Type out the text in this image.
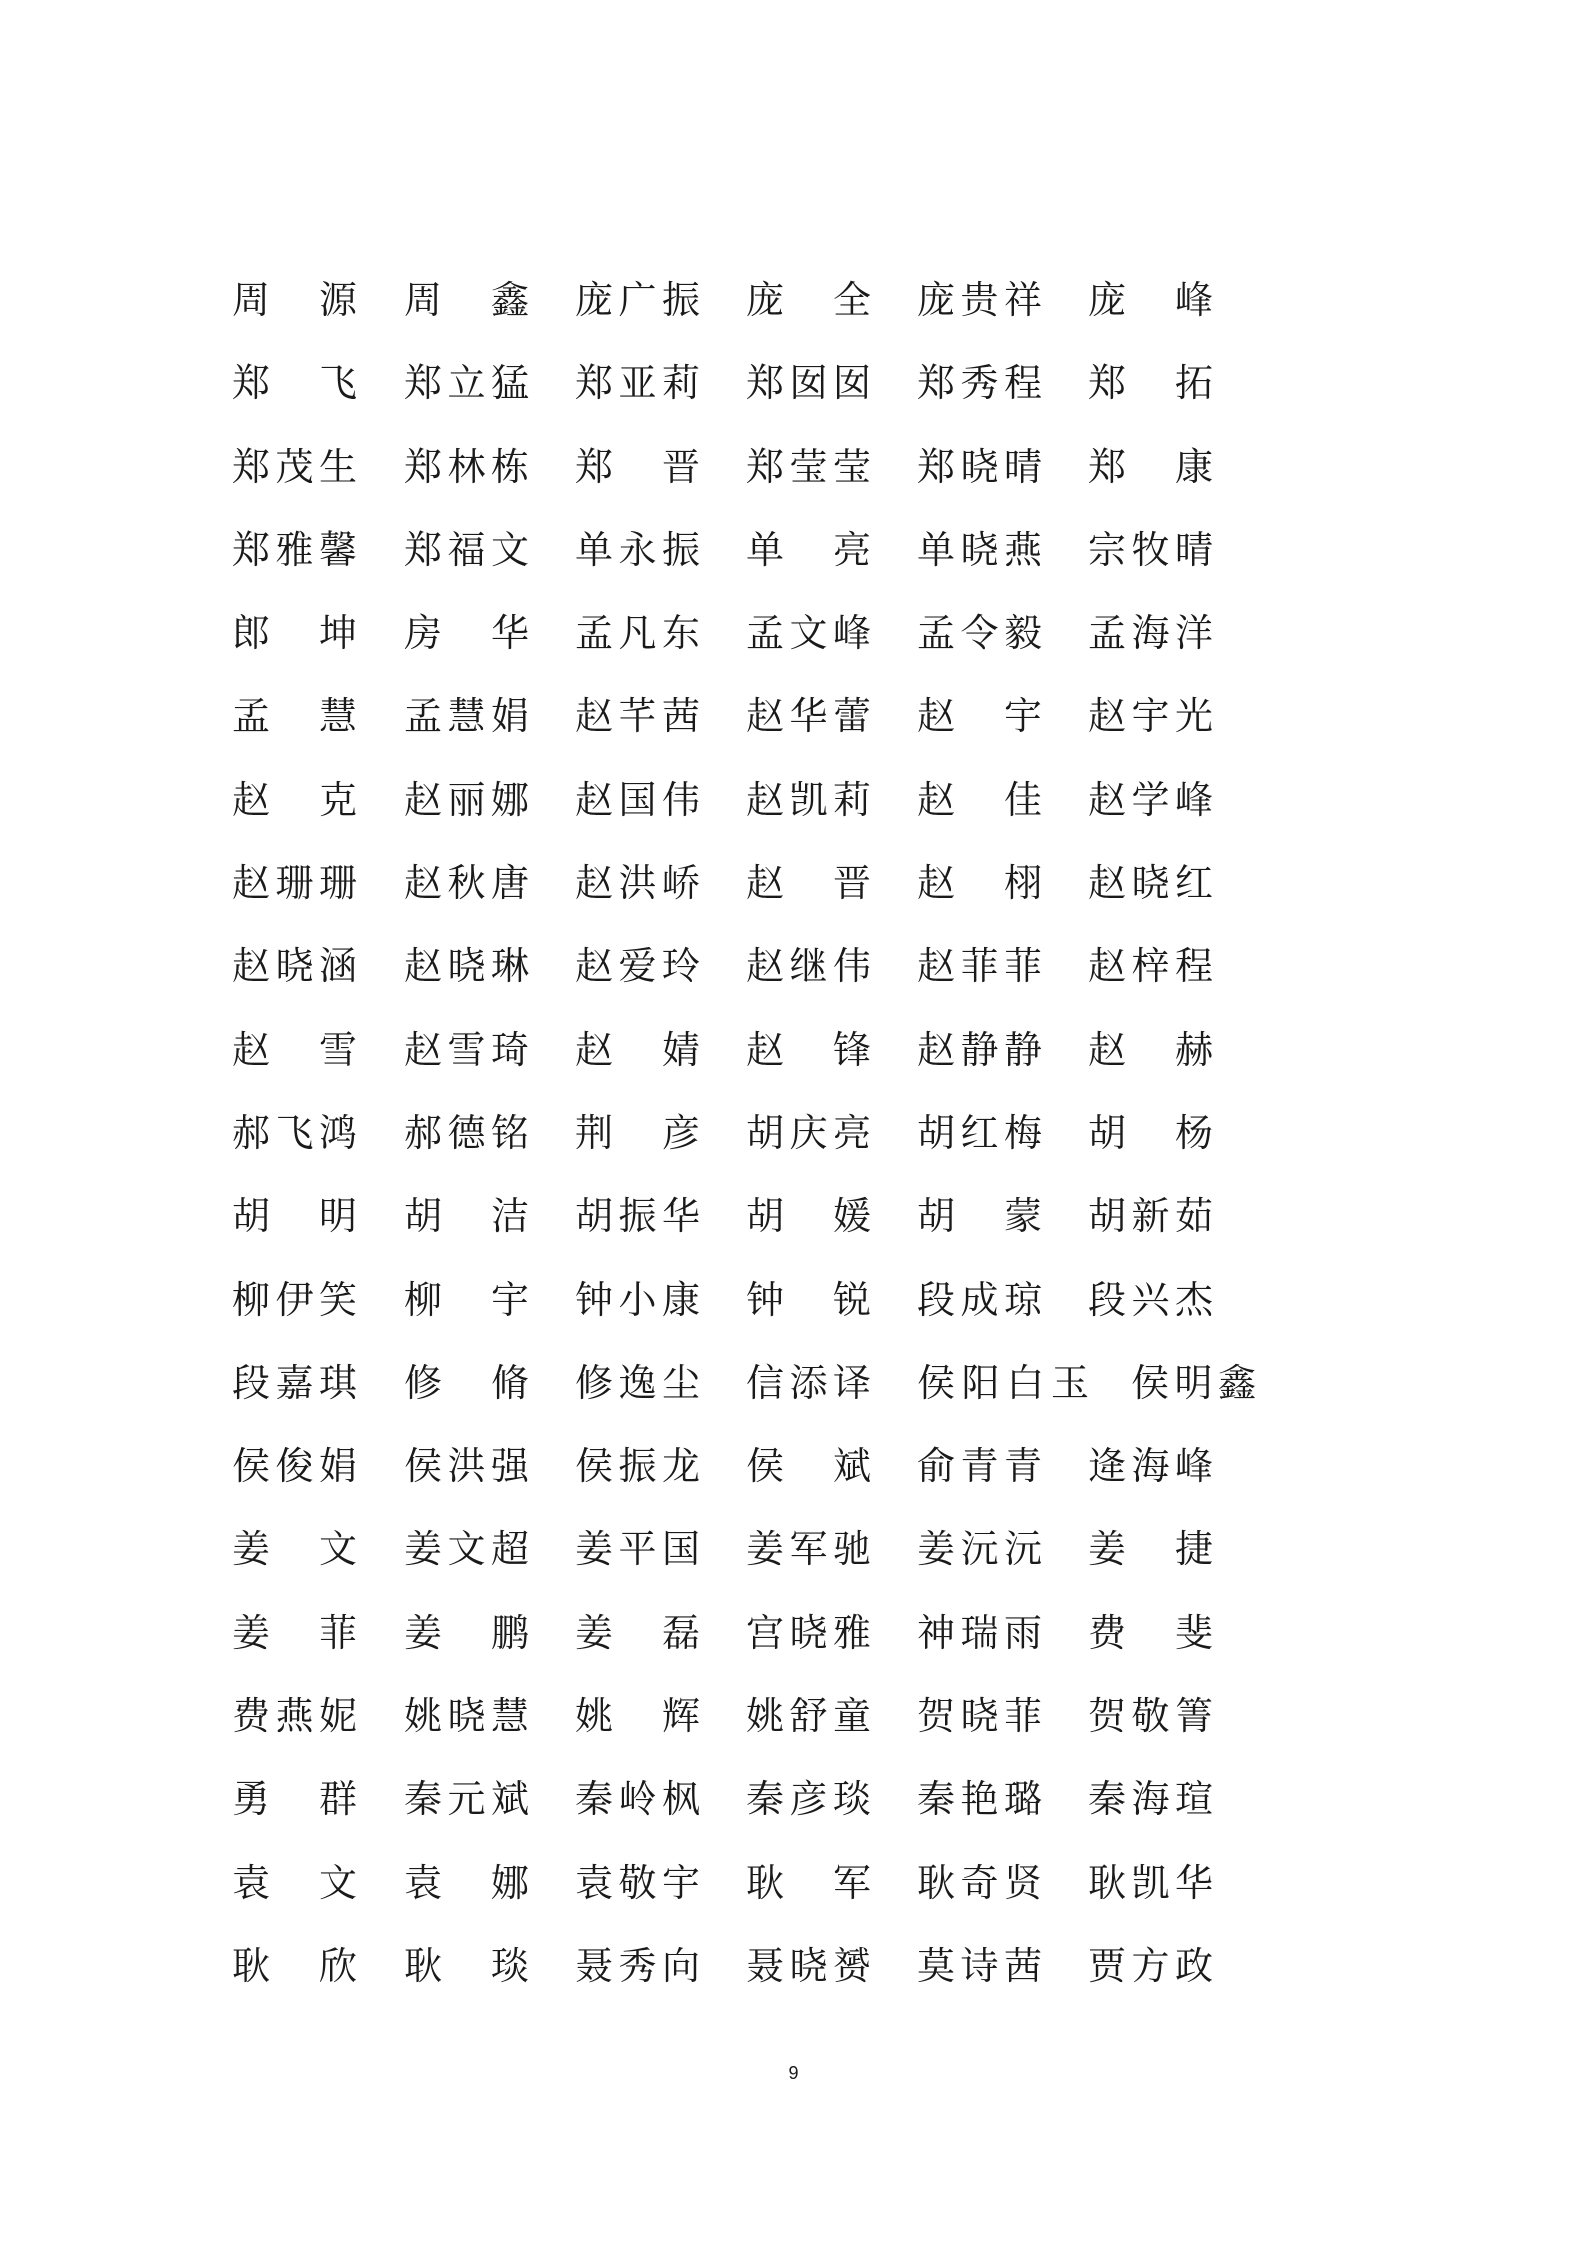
周 源 周 鑫 庞 广 振 庞 全 庞 贵 祥 庞 峰
郑 飞 郑 立 猛 郑 亚 莉 郑 囡 囡 郑 秀 程 郑 拓
郑 茂 生 郑 林 栋 郑 晋 郑 莹 莹 郑 晓 晴 郑 康
郑 雅 馨 郑 福 文 单 永 振 单 亮 单 晓 燕 宗 牧 晴
郎 坤 房 华 孟 凡 东 孟 文 峰 孟 令 毅 孟 海 洋
孟 慧 孟 慧 娟 赵 芊 茜 赵 华 蕾 赵 宇 赵 宇 光
赵 克 赵 丽 娜 赵 国 伟 赵 凯 莉 赵 佳 赵 学 峰
赵 珊 珊 赵 秋 唐 赵 洪 峤 赵 晋 赵 栩 赵 晓 红
赵 晓 涵 赵 晓 琳 赵 爱 玲 赵 继 伟 赵 菲 菲 赵 梓 程
赵 雪 赵 雪 琦 赵 婧 赵 锋 赵 静 静 赵 赫
郝 飞 鸿 郝 德 铭 荆 彦 胡 庆 亮 胡 红 梅 胡 杨
胡 明 胡 洁 胡 振 华 胡 媛 胡 蒙 胡 新 茹
柳 伊 笑 柳 宇 钟 小 康 钟 锐 段 成 琼 段 兴 杰
段 嘉 琪 修 脩 修 逸 尘 信 添 译 侯 阳 白 玉 侯 明 鑫
侯 俊 娟 侯 洪 强 侯 振 龙 侯 斌 俞 青 青 逄 海 峰
姜 文 姜 文 超 姜 平 国 姜 军 驰 姜 沅 沅 姜 捷
姜 菲 姜 鹏 姜 磊 宫 晓 雅 神 瑞 雨 费 斐
费 燕 妮 姚 晓 慧 姚 辉 姚 舒 童 贺 晓 菲 贺 敬 箐
勇 群 秦 元 斌 秦 岭 枫 秦 彦 琰 秦 艳 璐 秦 海 瑄
袁 文 袁 娜 袁 敬 宇 耿 军 耿 奇 贤 耿 凯 华
耿 欣 耿 琰 聂 秀 向 聂 晓 赟 莫 诗 茜 贾 方 政
9
